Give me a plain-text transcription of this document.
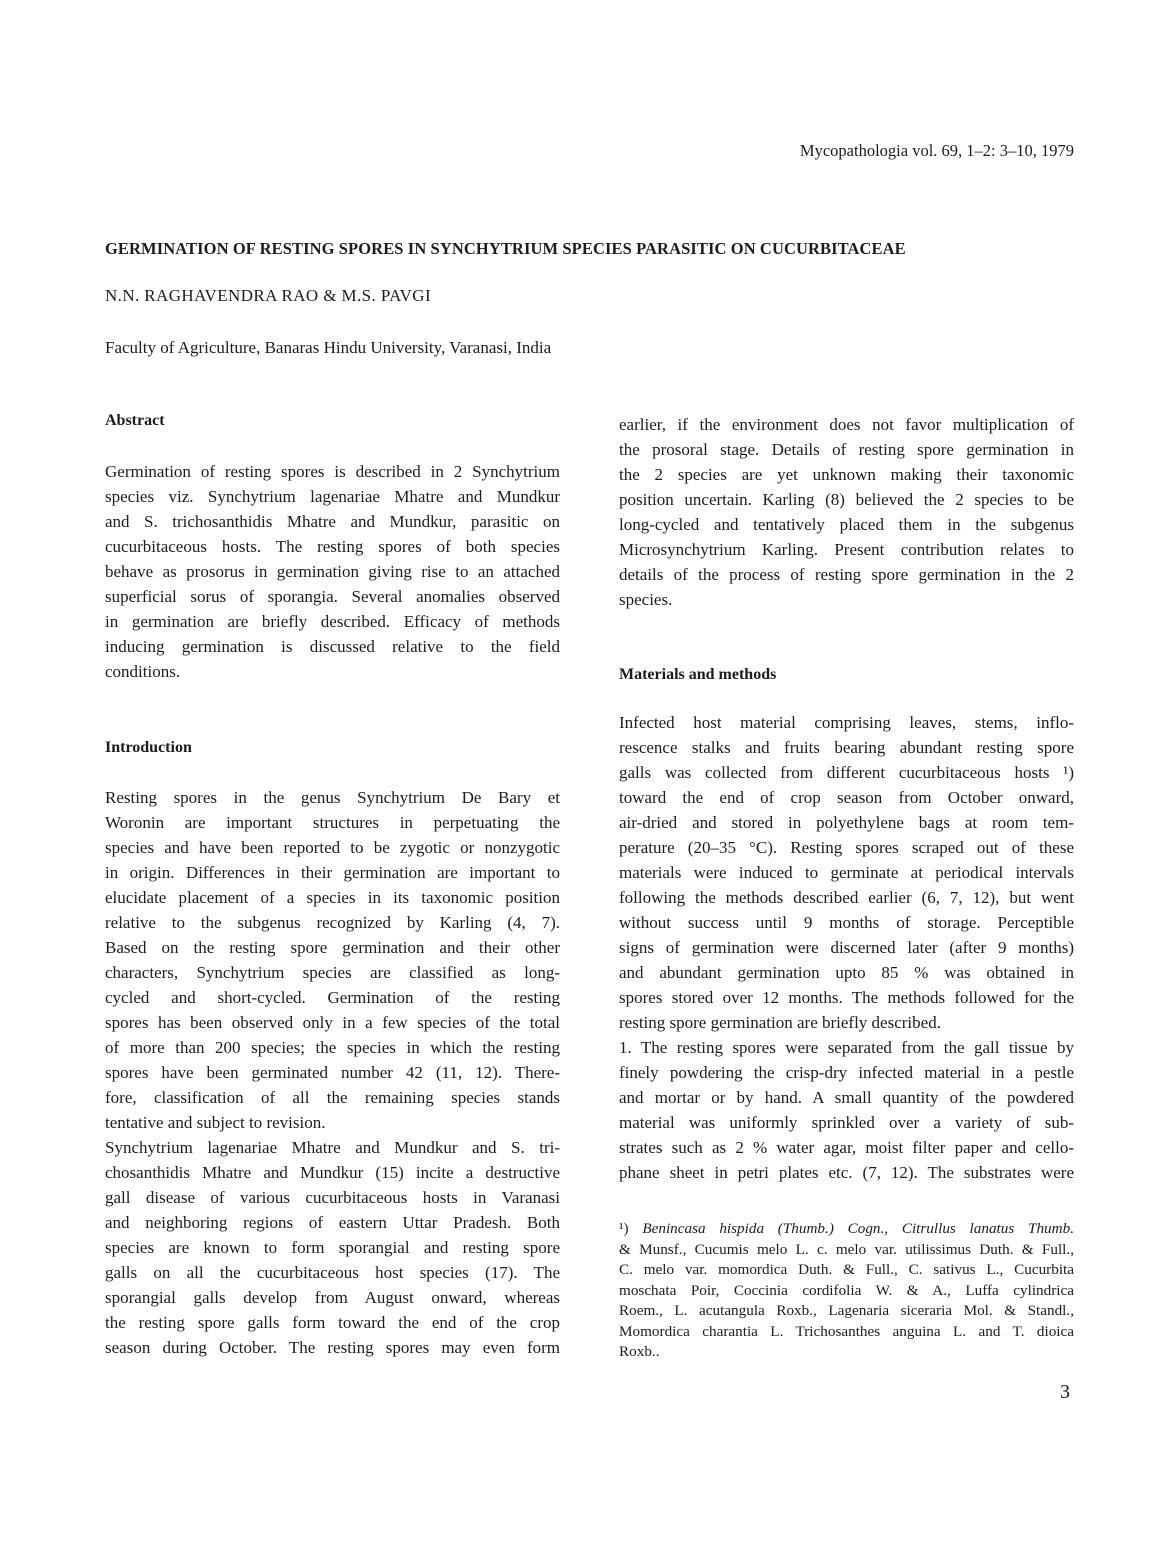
Mycopathologia vol. 69, 1–2: 3–10, 1979
GERMINATION OF RESTING SPORES IN SYNCHYTRIUM SPECIES PARASITIC ON CUCURBITACEAE
N.N. RAGHAVENDRA RAO & M.S. PAVGI
Faculty of Agriculture, Banaras Hindu University, Varanasi, India
Abstract
Germination of resting spores is described in 2 Synchytrium
species viz. Synchytrium lagenariae Mhatre and Mundkur
and S. trichosanthidis Mhatre and Mundkur, parasitic on
cucurbitaceous hosts. The resting spores of both species
behave as prosorus in germination giving rise to an attached
superficial sorus of sporangia. Several anomalies observed
in germination are briefly described. Efficacy of methods
inducing germination is discussed relative to the field
conditions.
Introduction
Resting spores in the genus Synchytrium De Bary et
Woronin are important structures in perpetuating the
species and have been reported to be zygotic or nonzygotic
in origin. Differences in their germination are important to
elucidate placement of a species in its taxonomic position
relative to the subgenus recognized by Karling (4, 7).
Based on the resting spore germination and their other
characters, Synchytrium species are classified as long-
cycled and short-cycled. Germination of the resting
spores has been observed only in a few species of the total
of more than 200 species; the species in which the resting
spores have been germinated number 42 (11, 12). There-
fore, classification of all the remaining species stands
tentative and subject to revision.
Synchytrium lagenariae Mhatre and Mundkur and S. tri-
chosanthidis Mhatre and Mundkur (15) incite a destructive
gall disease of various cucurbitaceous hosts in Varanasi
and neighboring regions of eastern Uttar Pradesh. Both
species are known to form sporangial and resting spore
galls on all the cucurbitaceous host species (17). The
sporangial galls develop from August onward, whereas
the resting spore galls form toward the end of the crop
season during October. The resting spores may even form
earlier, if the environment does not favor multiplication of
the prosoral stage. Details of resting spore germination in
the 2 species are yet unknown making their taxonomic
position uncertain. Karling (8) believed the 2 species to be
long-cycled and tentatively placed them in the subgenus
Microsynchytrium Karling. Present contribution relates to
details of the process of resting spore germination in the 2
species.
Materials and methods
Infected host material comprising leaves, stems, inflo-
rescence stalks and fruits bearing abundant resting spore
galls was collected from different cucurbitaceous hosts ¹)
toward the end of crop season from October onward,
air-dried and stored in polyethylene bags at room tem-
perature (20–35 °C). Resting spores scraped out of these
materials were induced to germinate at periodical intervals
following the methods described earlier (6, 7, 12), but went
without success until 9 months of storage. Perceptible
signs of germination were discerned later (after 9 months)
and abundant germination upto 85 % was obtained in
spores stored over 12 months. The methods followed for the
resting spore germination are briefly described.
1. The resting spores were separated from the gall tissue by
finely powdering the crisp-dry infected material in a pestle
and mortar or by hand. A small quantity of the powdered
material was uniformly sprinkled over a variety of sub-
strates such as 2 % water agar, moist filter paper and cello-
phane sheet in petri plates etc. (7, 12). The substrates were
¹) Benincasa hispida (Thumb.) Cogn., Citrullus lanatus Thumb.
& Munsf., Cucumis melo L. c. melo var. utilissimus Duth. & Full.,
C. melo var. momordica Duth. & Full., C. sativus L., Cucurbita
moschata Poir, Coccinia cordifolia W. & A., Luffa cylindrica
Roem., L. acutangula Roxb., Lagenaria siceraria Mol. & Standl.,
Momordica charantia L. Trichosanthes anguina L. and T. dioica
Roxb..
3
